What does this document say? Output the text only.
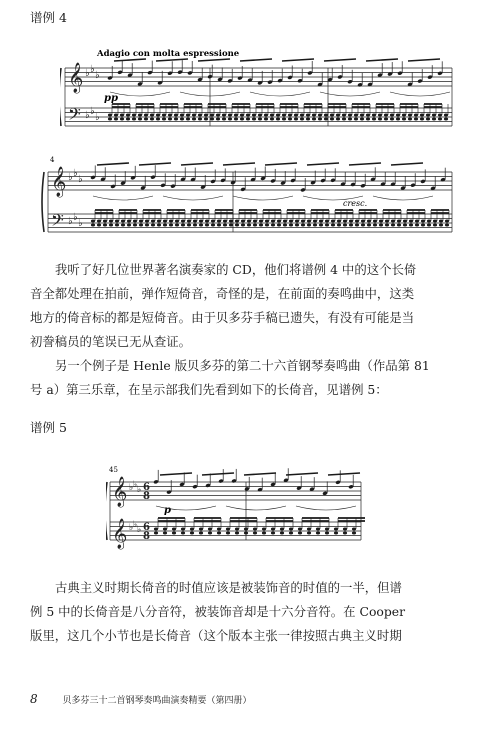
谱例 4
Adagio con molta espressione
𝄞
𝄢
♭ ♭
♭
♭ ♭
♭
pp
4
𝄞
𝄢
♭ ♭
♭
♭ ♭
♭
cresc.
我听了好几位世界著名演奏家的 CD，他们将谱例 4 中的这个长倚
音全都处理在拍前，弹作短倚音，奇怪的是，在前面的奏鸣曲中，这类
地方的倚音标的都是短倚音。由于贝多芬手稿已遗失，有没有可能是当
初誊稿员的笔误已无从查证。
另一个例子是 Henle 版贝多芬的第二十六首钢琴奏鸣曲（作品第 81
号 a）第三乐章，在呈示部我们先看到如下的长倚音，见谱例 5：
谱例 5
45
𝄞
𝄞
♭ ♭ ♭
♭ ♭ ♭
6
8
6
8
p
古典主义时期长倚音的时值应该是被装饰音的时值的一半，但谱
例 5 中的长倚音是八分音符，被装饰音却是十六分音符。在 Cooper
版里，这几个小节也是长倚音（这个版本主张一律按照古典主义时期
8	贝多芬三十二首钢琴奏鸣曲演奏精要（第四册）
